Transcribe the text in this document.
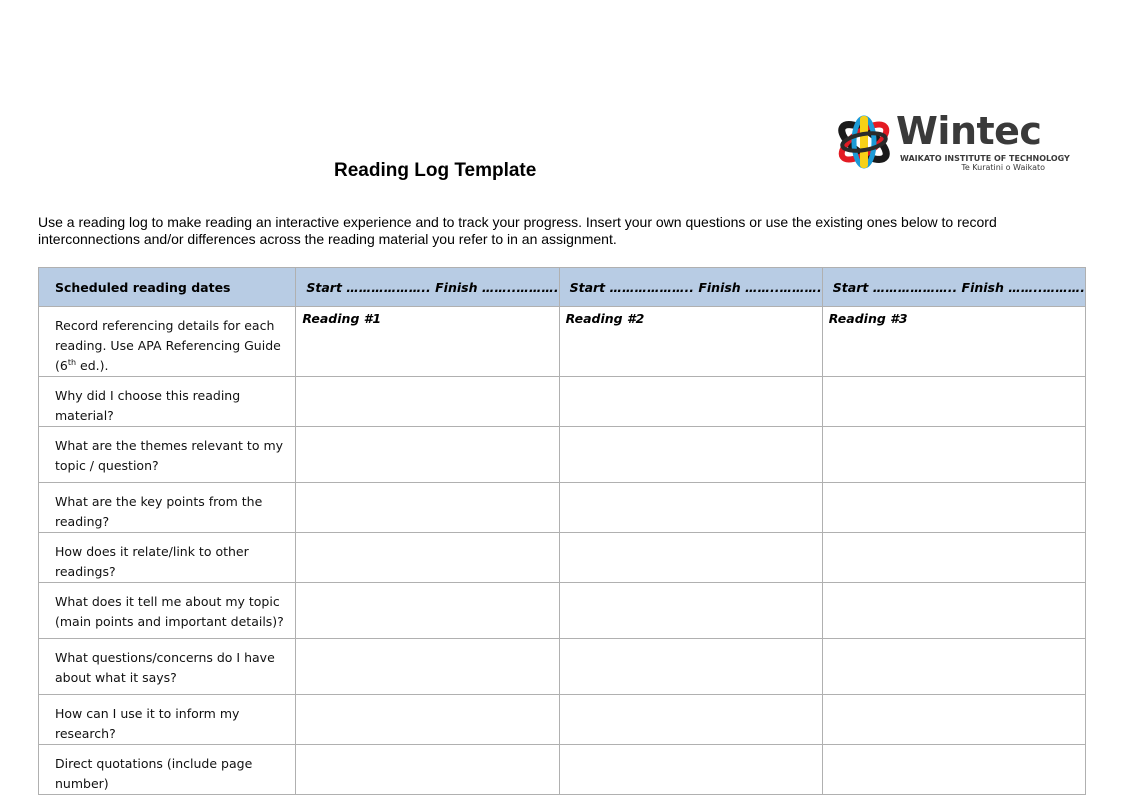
Wintec
WAIKATO INSTITUTE OF TECHNOLOGY
Te Kuratini o Waikato
Reading Log Template
Use a reading log to make reading an interactive experience and to track your progress. Insert your own questions or use the existing ones below to record interconnections and/or differences across the reading material you refer to in an assignment.
Scheduled reading dates	Start ……………….. Finish ……..……….	Start ……………….. Finish ……..……….	Start ……………….. Finish ……..……….
Record referencing details for each reading. Use APA Referencing Guide (6th ed.).	Reading #1	Reading #2	Reading #3
Why did I choose this reading material?			
What are the themes relevant to my topic / question?			
What are the key points from the reading?			
How does it relate/link to other readings?			
What does it tell me about my topic (main points and important details)?			
What questions/concerns do I have about what it says?			
How can I use it to inform my research?			
Direct quotations (include page number)			
